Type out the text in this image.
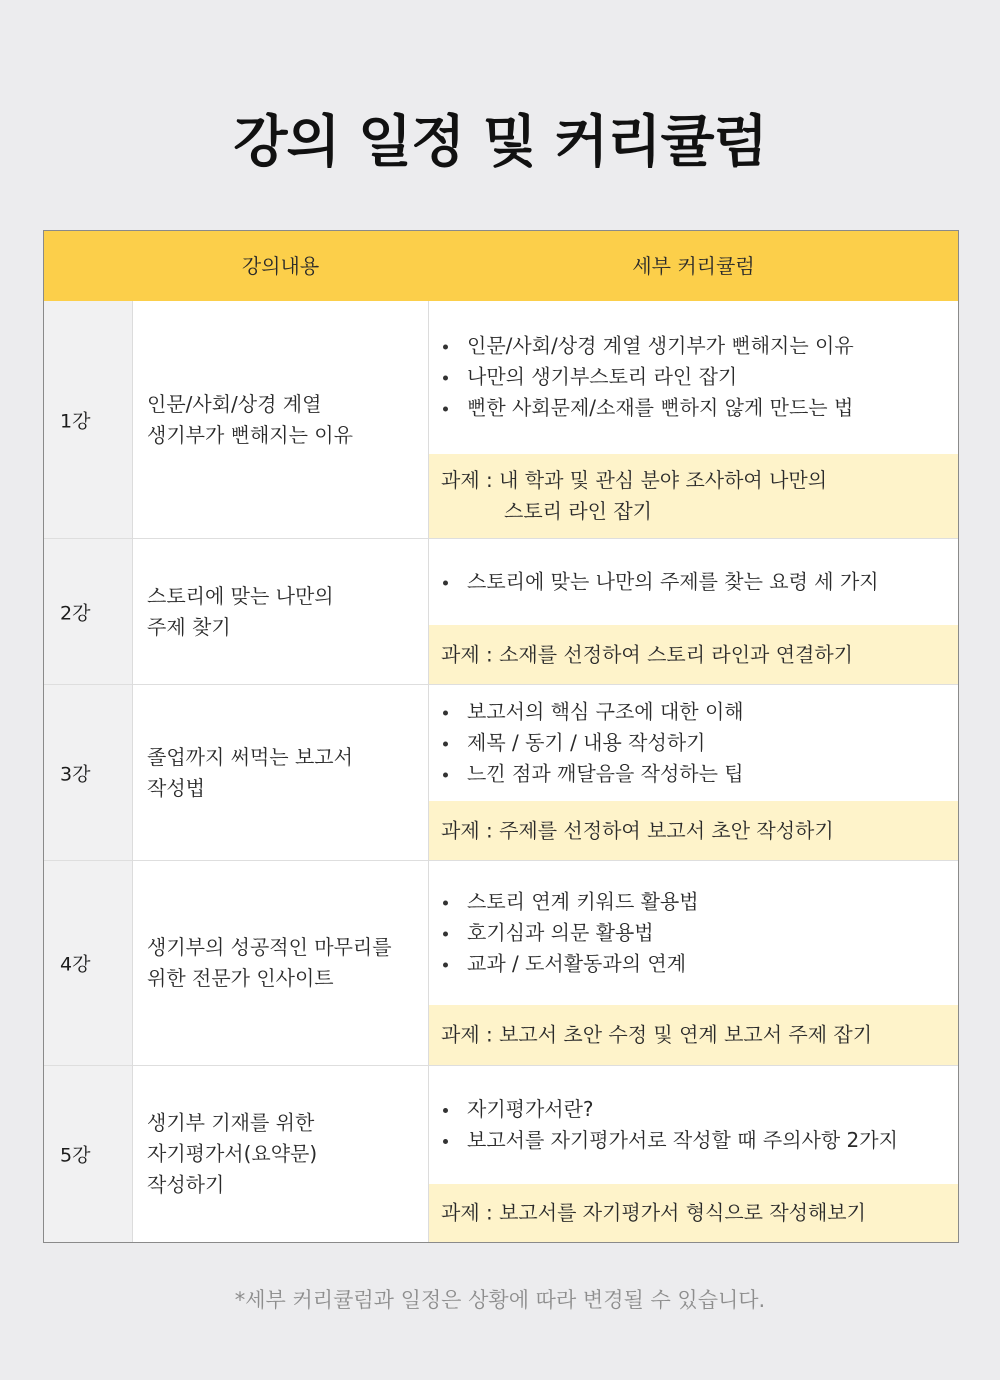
강의 일정 및 커리큘럼
강의내용	세부 커리큘럼
1강
인문/사회/상경 계열
생기부가 뻔해지는 이유
인문/사회/상경 계열 생기부가 뻔해지는 이유
나만의 생기부스토리 라인 잡기
뻔한 사회문제/소재를 뻔하지 않게 만드는 법
과제 : 내 학과 및 관심 분야 조사하여 나만의
스토리 라인 잡기
2강
스토리에 맞는 나만의
주제 찾기
스토리에 맞는 나만의 주제를 찾는 요령 세 가지
과제 : 소재를 선정하여 스토리 라인과 연결하기
3강
졸업까지 써먹는 보고서
작성법
보고서의 핵심 구조에 대한 이해
제목 / 동기 / 내용 작성하기
느낀 점과 깨달음을 작성하는 팁
과제 : 주제를 선정하여 보고서 초안 작성하기
4강
생기부의 성공적인 마무리를
위한 전문가 인사이트
스토리 연계 키워드 활용법
호기심과 의문 활용법
교과 / 도서활동과의 연계
과제 : 보고서 초안 수정 및 연계 보고서 주제 잡기
5강
생기부 기재를 위한
자기평가서(요약문)
작성하기
자기평가서란?
보고서를 자기평가서로 작성할 때 주의사항 2가지
과제 : 보고서를 자기평가서 형식으로 작성해보기
*세부 커리큘럼과 일정은 상황에 따라 변경될 수 있습니다.
